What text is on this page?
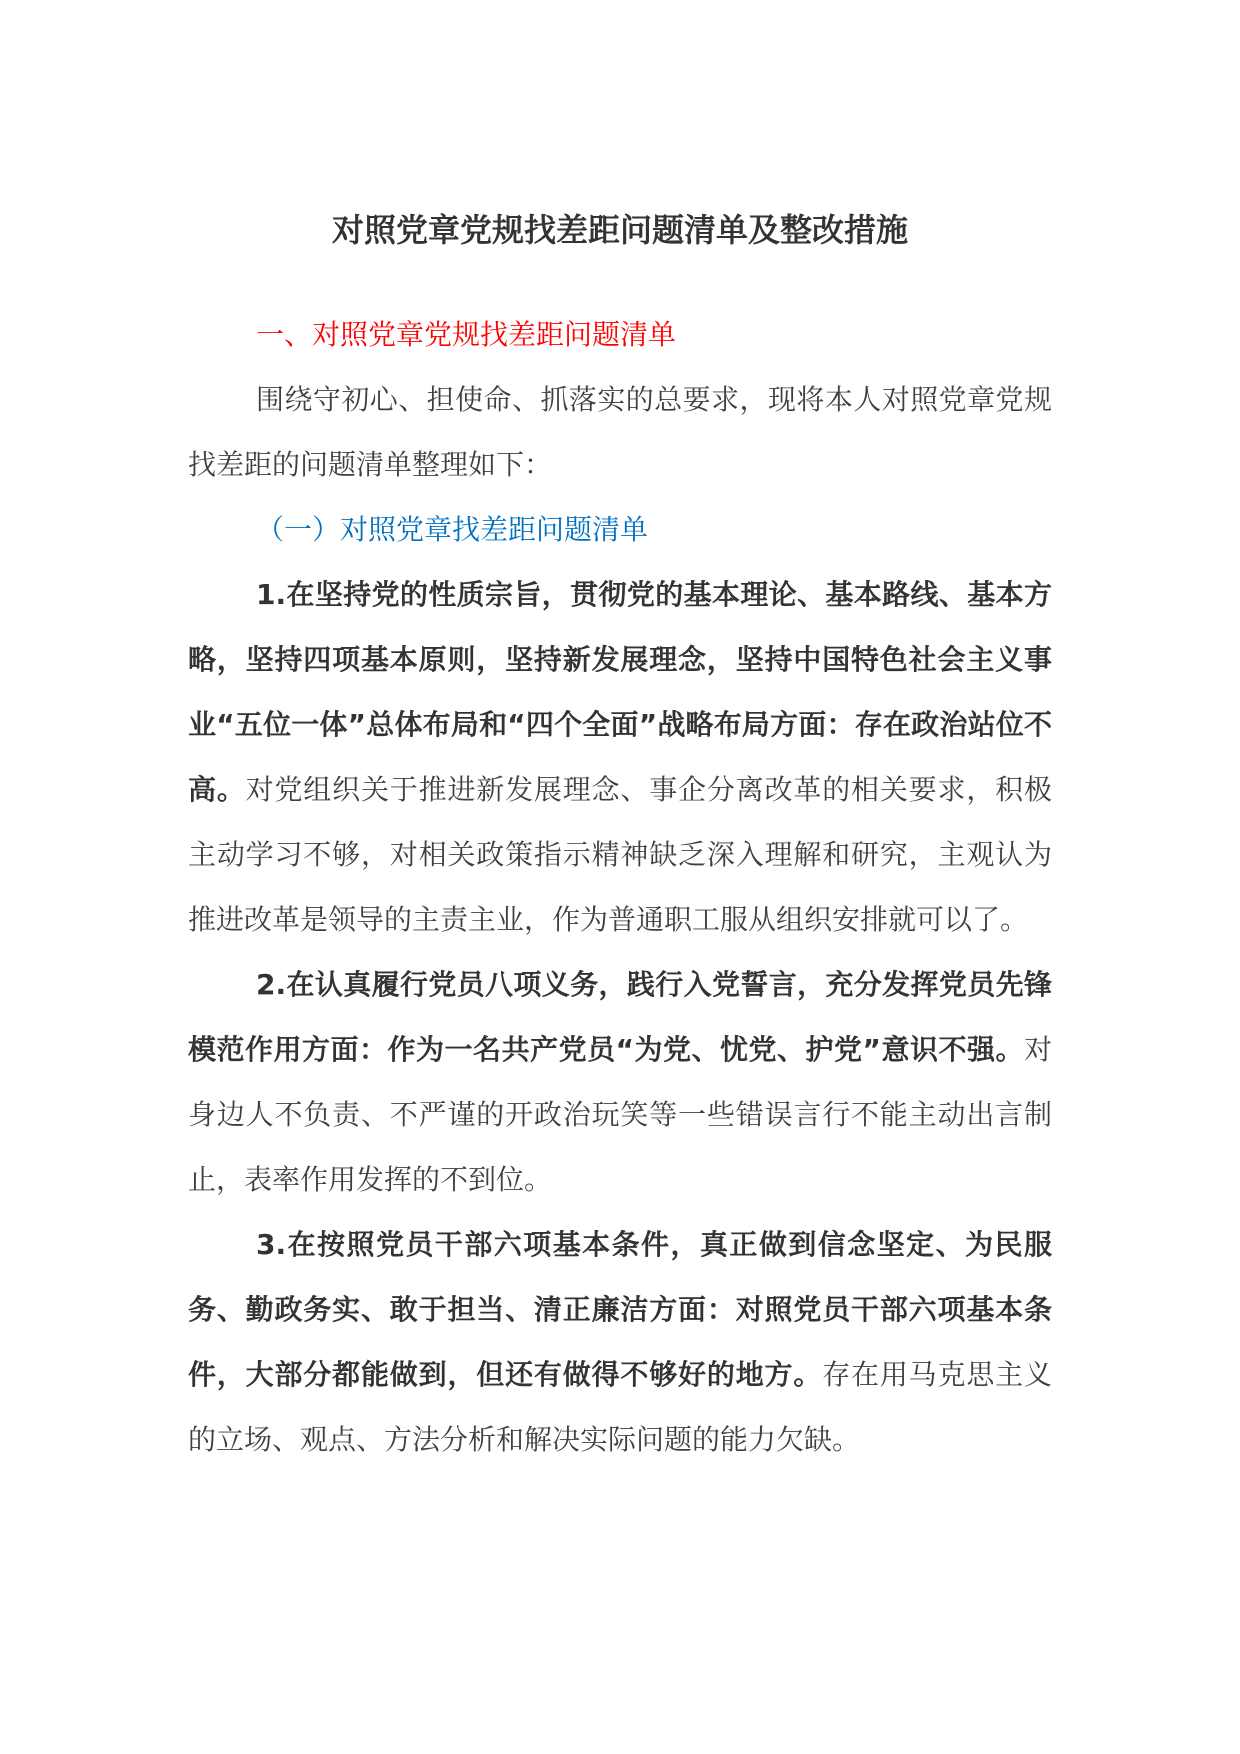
对照党章党规找差距问题清单及整改措施

一、对照党章党规找差距问题清单

围绕守初心、担使命、抓落实的总要求，现将本人对照党章党规找差距的问题清单整理如下：

（一）对照党章找差距问题清单

1.在坚持党的性质宗旨，贯彻党的基本理论、基本路线、基本方略，坚持四项基本原则，坚持新发展理念，坚持中国特色社会主义事业“五位一体”总体布局和“四个全面”战略布局方面：存在政治站位不高。对党组织关于推进新发展理念、事企分离改革的相关要求，积极主动学习不够，对相关政策指示精神缺乏深入理解和研究，主观认为推进改革是领导的主责主业，作为普通职工服从组织安排就可以了。

2.在认真履行党员八项义务，践行入党誓言，充分发挥党员先锋模范作用方面：作为一名共产党员“为党、忧党、护党”意识不强。对身边人不负责、不严谨的开政治玩笑等一些错误言行不能主动出言制止，表率作用发挥的不到位。

3.在按照党员干部六项基本条件，真正做到信念坚定、为民服务、勤政务实、敢于担当、清正廉洁方面：对照党员干部六项基本条件，大部分都能做到，但还有做得不够好的地方。存在用马克思主义的立场、观点、方法分析和解决实际问题的能力欠缺。
